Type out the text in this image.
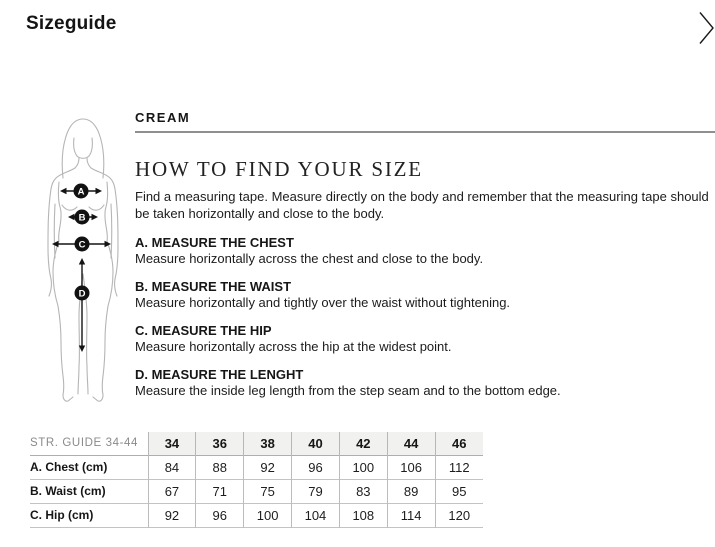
Sizeguide
A
B
C
D
CREAM
HOW TO FIND YOUR SIZE

Find a measuring tape. Measure directly on the body and remember that the measuring tape should be taken horizontally and close to the body.

A. MEASURE THE CHEST

Measure horizontally across the chest and close to the body.

B. MEASURE THE WAIST

Measure horizontally and tightly over the waist without tightening.

C. MEASURE THE HIP

Measure horizontally across the hip at the widest point.

D. MEASURE THE LENGHT

Measure the inside leg length from the step seam and to the bottom edge.

STR. GUIDE 34-44	34	36	38	40	42	44	46
A. Chest (cm)	84	88	92	96	100	106	112
B. Waist (cm)	67	71	75	79	83	89	95
C. Hip (cm)	92	96	100	104	108	114	120
